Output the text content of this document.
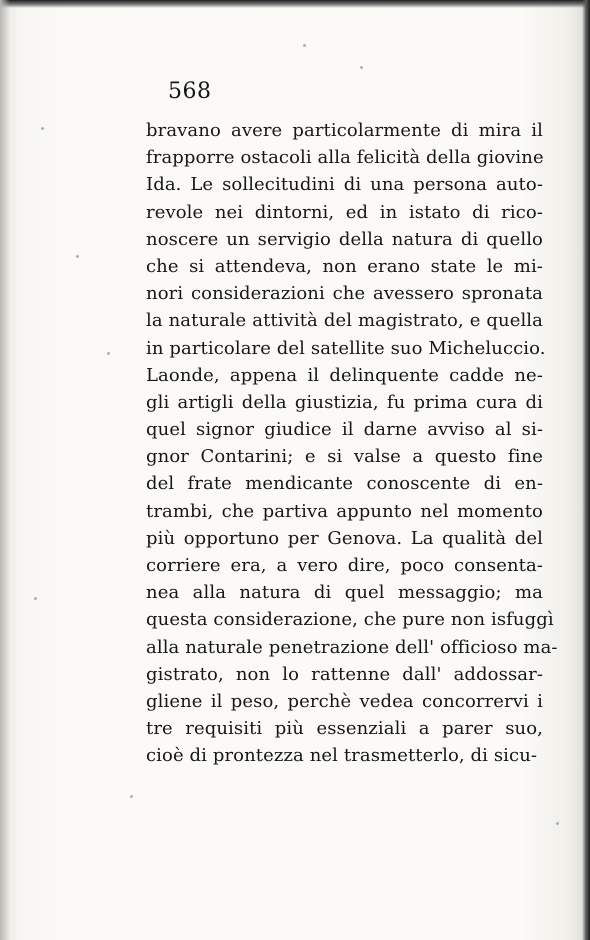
568
bravano avere particolarmente di mira il
frapporre ostacoli alla felicità della giovine
Ida. Le sollecitudini di una persona auto-
revole nei dintorni, ed in istato di rico-
noscere un servigio della natura di quello
che si attendeva, non erano state le mi-
nori considerazioni che avessero spronata
la naturale attività del magistrato, e quella
in particolare del satellite suo Micheluccio.
Laonde, appena il delinquente cadde ne-
gli artigli della giustizia, fu prima cura di
quel signor giudice il darne avviso al si-
gnor Contarini; e si valse a questo fine
del frate mendicante conoscente di en-
trambi, che partiva appunto nel momento
più opportuno per Genova. La qualità del
corriere era, a vero dire, poco consenta-
nea alla natura di quel messaggio; ma
questa considerazione, che pure non isfuggì
alla naturale penetrazione dell' officioso ma-
gistrato, non lo rattenne dall' addossar-
gliene il peso, perchè vedea concorrervi i
tre requisiti più essenziali a parer suo,
cioè di prontezza nel trasmetterlo, di sicu-
